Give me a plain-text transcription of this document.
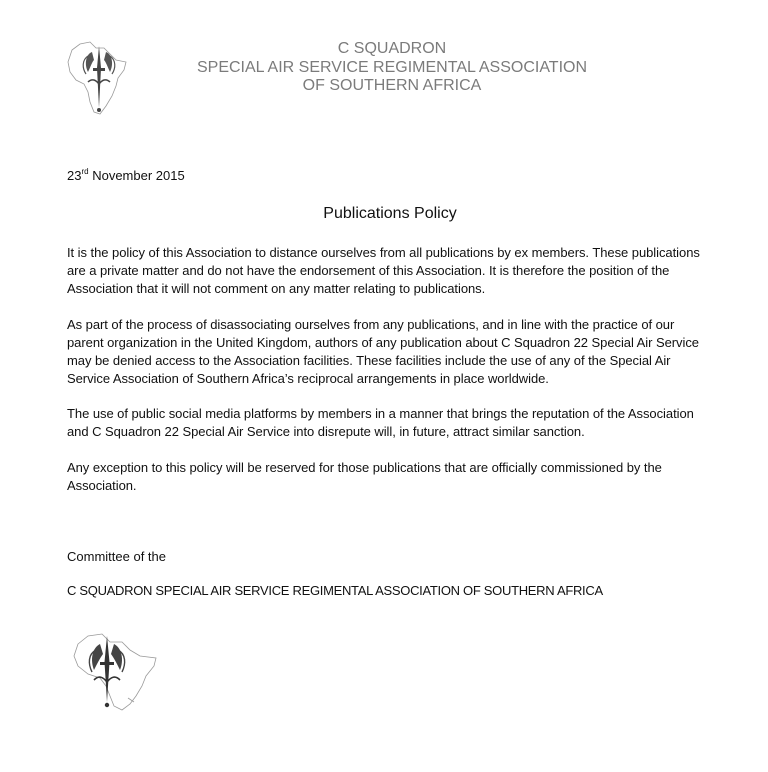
C SQUADRON
SPECIAL AIR SERVICE REGIMENTAL ASSOCIATION
OF SOUTHERN AFRICA
23rd November 2015
Publications Policy

It is the policy of this Association to distance ourselves from all publications by ex members. These publications are a private matter and do not have the endorsement of this Association. It is therefore the position of the Association that it will not comment on any matter relating to publications.

As part of the process of disassociating ourselves from any publications, and in line with the practice of our parent organization in the United Kingdom, authors of any publication about C Squadron 22 Special Air Service may be denied access to the Association facilities. These facilities include the use of any of the Special Air Service Association of Southern Africa’s reciprocal arrangements in place worldwide.

The use of public social media platforms by members in a manner that brings the reputation of the Association and C Squadron 22 Special Air Service into disrepute will, in future, attract similar sanction.

Any exception to this policy will be reserved for those publications that are officially commissioned by the Association.

Committee of the
C SQUADRON SPECIAL AIR SERVICE REGIMENTAL ASSOCIATION OF SOUTHERN AFRICA
